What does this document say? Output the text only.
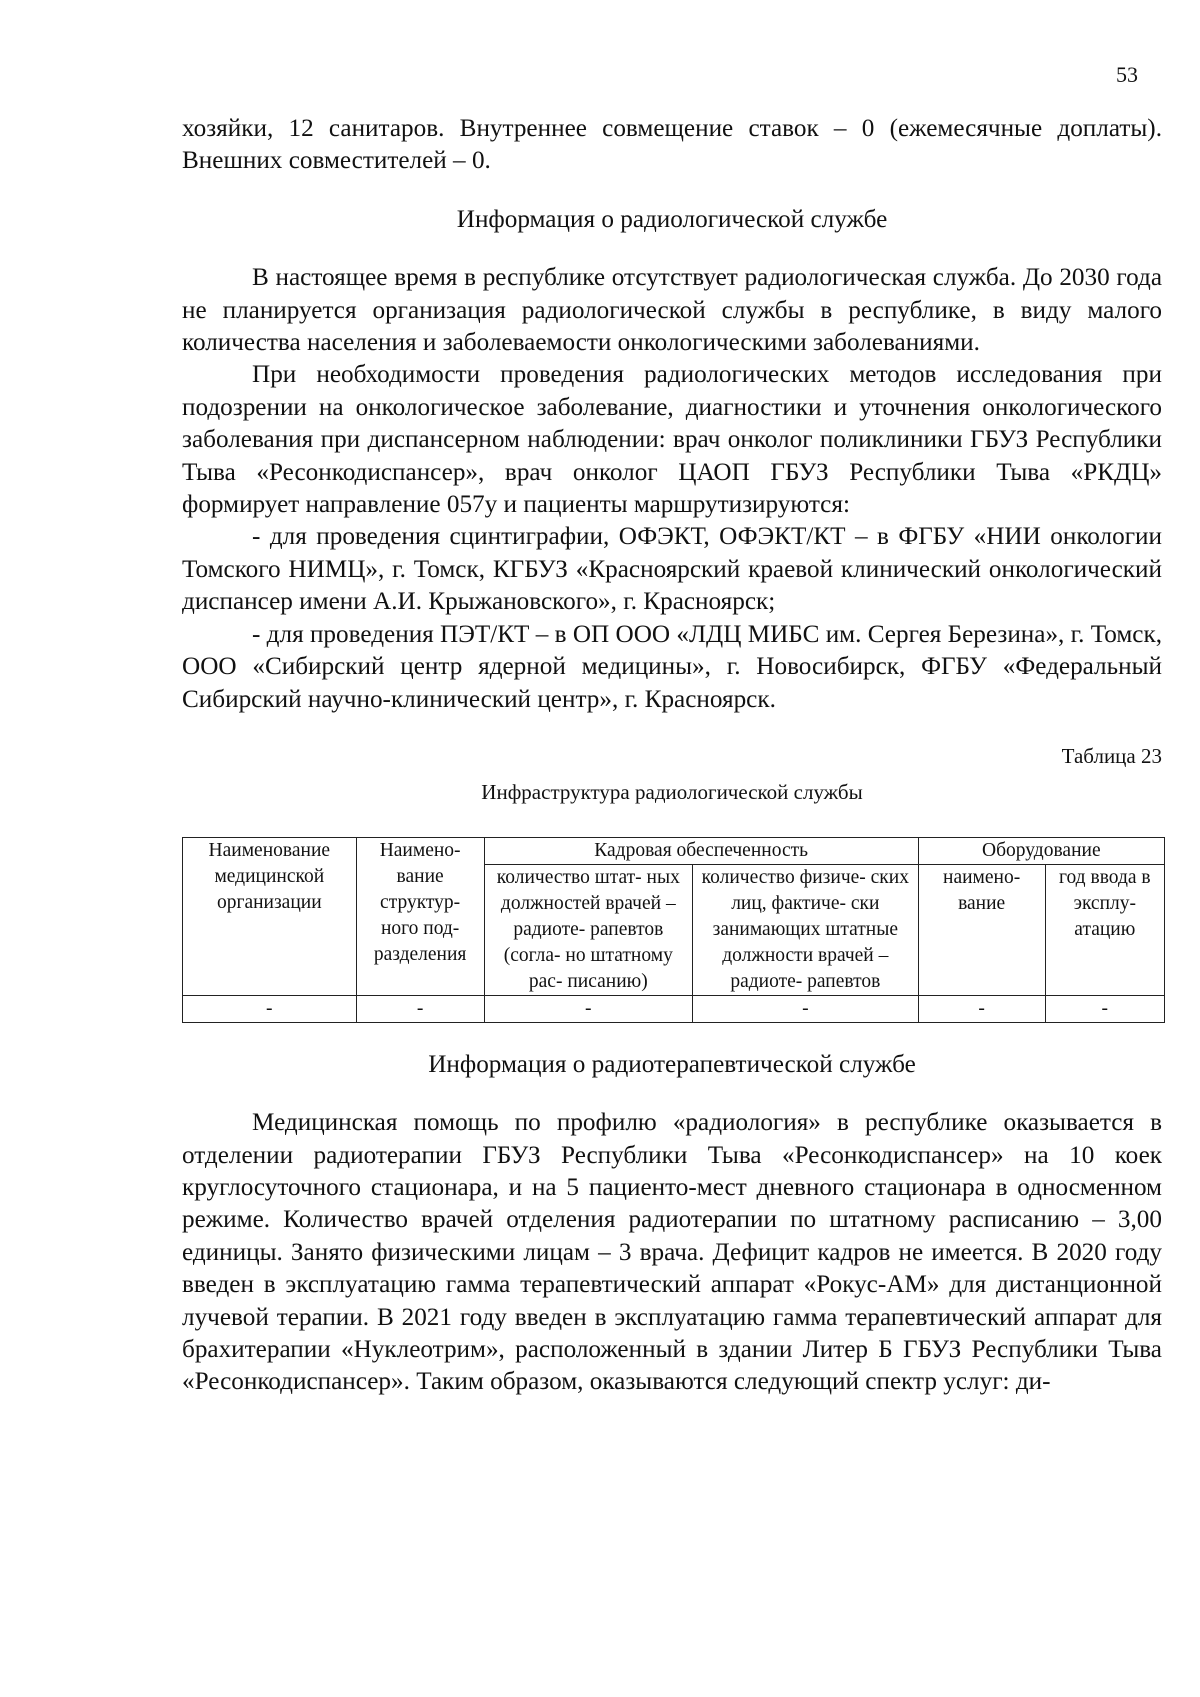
53

хозяйки, 12 санитаров. Внутреннее совмещение ставок – 0 (ежемесячные доплаты). Внешних совместителей – 0.

Информация о радиологической службе

В настоящее время в республике отсутствует радиологическая служба. До 2030 года не планируется организация радиологической службы в республике, в виду малого количества населения и заболеваемости онкологическими заболеваниями.

При необходимости проведения радиологических методов исследования при подозрении на онкологическое заболевание, диагностики и уточнения онкологического заболевания при диспансерном наблюдении: врач онколог поликлиники ГБУЗ Республики Тыва «Ресонкодиспансер», врач онколог ЦАОП ГБУЗ Республики Тыва «РКДЦ» формирует направление 057у и пациенты маршрутизируются:

- для проведения сцинтиграфии, ОФЭКТ, ОФЭКТ/КТ – в ФГБУ «НИИ онкологии Томского НИМЦ», г. Томск, КГБУЗ «Красноярский краевой клинический онкологический диспансер имени А.И. Крыжановского», г. Красноярск;

- для проведения ПЭТ/КТ – в ОП ООО «ЛДЦ МИБС им. Сергея Березина», г. Томск, ООО «Сибирский центр ядерной медицины», г. Новосибирск, ФГБУ «Федеральный Сибирский научно-клинический центр», г. Красноярск.

Таблица 23
Инфраструктура радиологической службы
Наименование медицинской организации	Наимено- вание структур- ного под- разделения	Кадровая обеспеченность		Оборудование	
		количество штат- ных должностей врачей – радиоте- рапевтов (согла- но штатному рас- писанию)	количество физиче- ских лиц, фактиче- ски занимающих штатные должности врачей – радиоте- рапевтов	наимено- вание	год ввода в эксплу- атацию
-	-	-	-	-	-

Информация о радиотерапевтической службе

Медицинская помощь по профилю «радиология» в республике оказывается в отделении радиотерапии ГБУЗ Республики Тыва «Ресонкодиспансер» на 10 коек круглосуточного стационара, и на 5 пациенто-мест дневного стационара в односменном режиме. Количество врачей отделения радиотерапии по штатному расписанию – 3,00 единицы. Занято физическими лицам – 3 врача. Дефицит кадров не имеется. В 2020 году введен в эксплуатацию гамма терапевтический аппарат «Рокус-АМ» для дистанционной лучевой терапии. В 2021 году введен в эксплуатацию гамма терапевтический аппарат для брахитерапии «Нуклеотрим», расположенный в здании Литер Б ГБУЗ Республики Тыва «Ресонкодиспансер». Таким образом, оказываются следующий спектр услуг: ди-
